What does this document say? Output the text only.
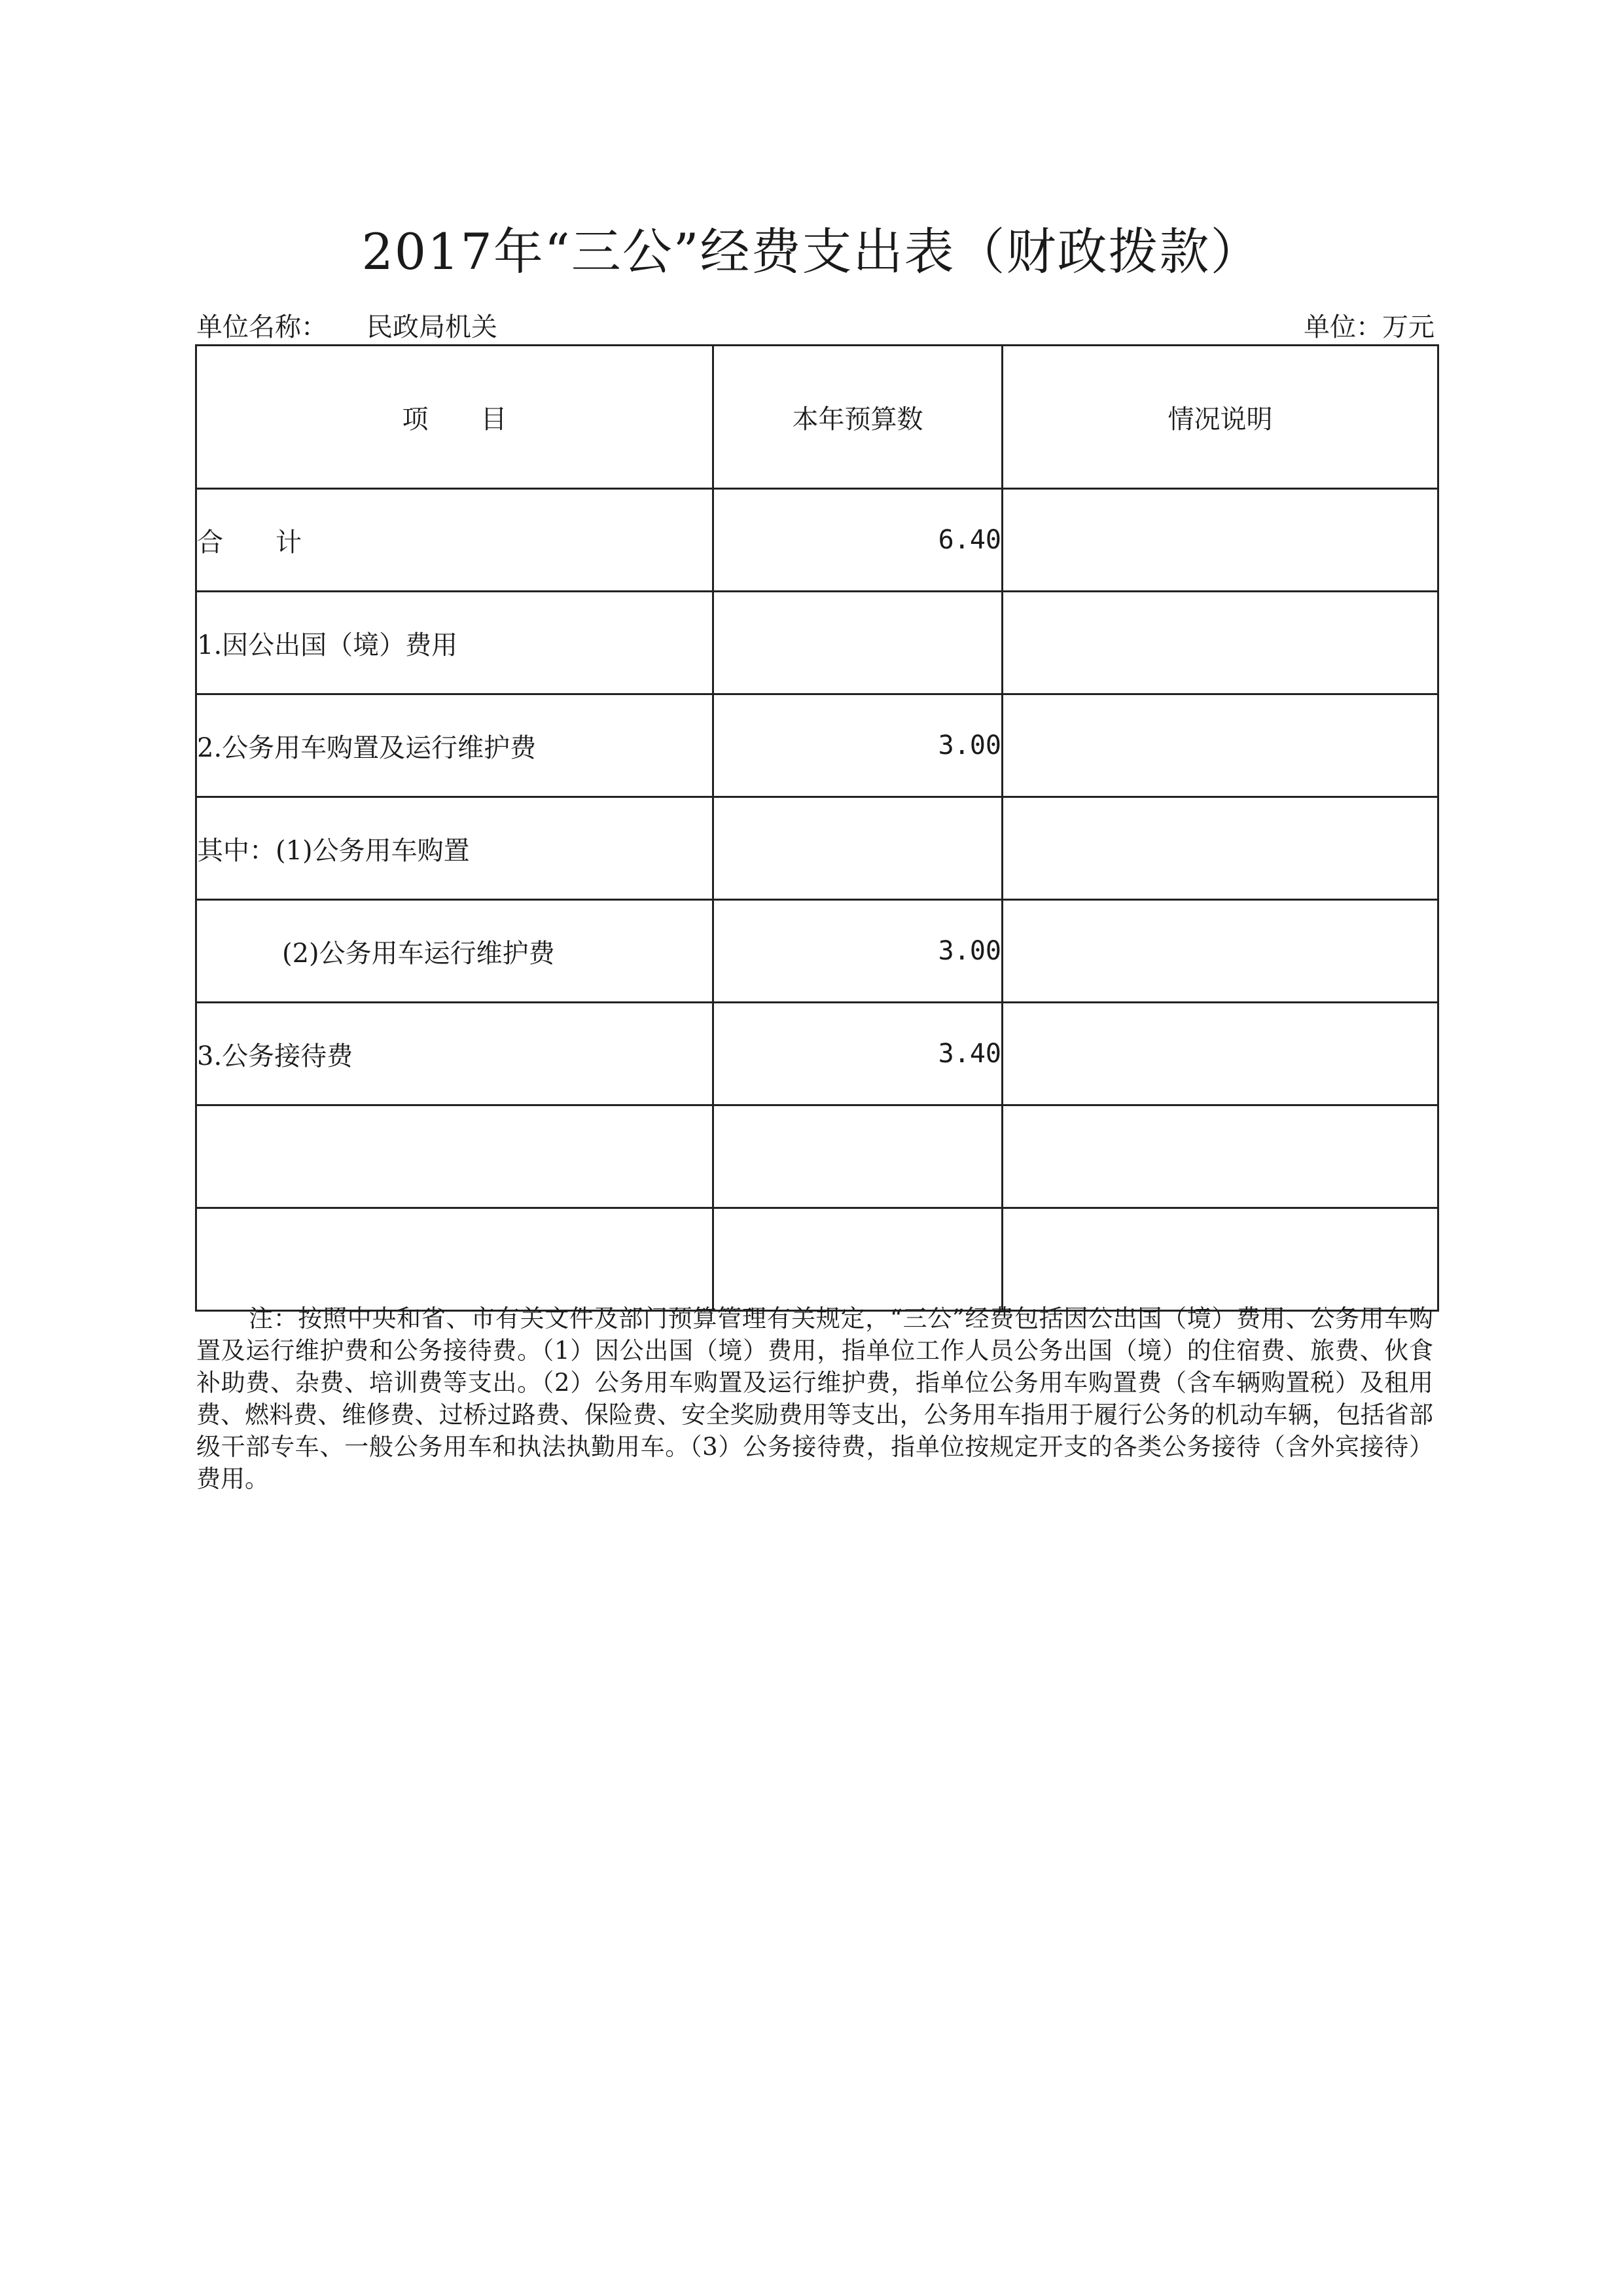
2017年“三公”经费支出表（财政拨款）
单位名称： 民政局机关	单位：万元
项　　目	本年预算数	情况说明
合　　计	6.40	
1.因公出国（境）费用		
2.公务用车购置及运行维护费	3.00	
其中：(1)公务用车购置		
(2)公务用车运行维护费	3.00	
3.公务接待费	3.40	

注：按照中央和省、市有关文件及部门预算管理有关规定，“三公”经费包括因公出国（境）费用、公务用车购置及运行维护费和公务接待费。（1）因公出国（境）费用，指单位工作人员公务出国（境）的住宿费、旅费、伙食补助费、杂费、培训费等支出。（2）公务用车购置及运行维护费，指单位公务用车购置费（含车辆购置税）及租用费、燃料费、维修费、过桥过路费、保险费、安全奖励费用等支出，公务用车指用于履行公务的机动车辆，包括省部级干部专车、一般公务用车和执法执勤用车。（3）公务接待费，指单位按规定开支的各类公务接待（含外宾接待）费用。
